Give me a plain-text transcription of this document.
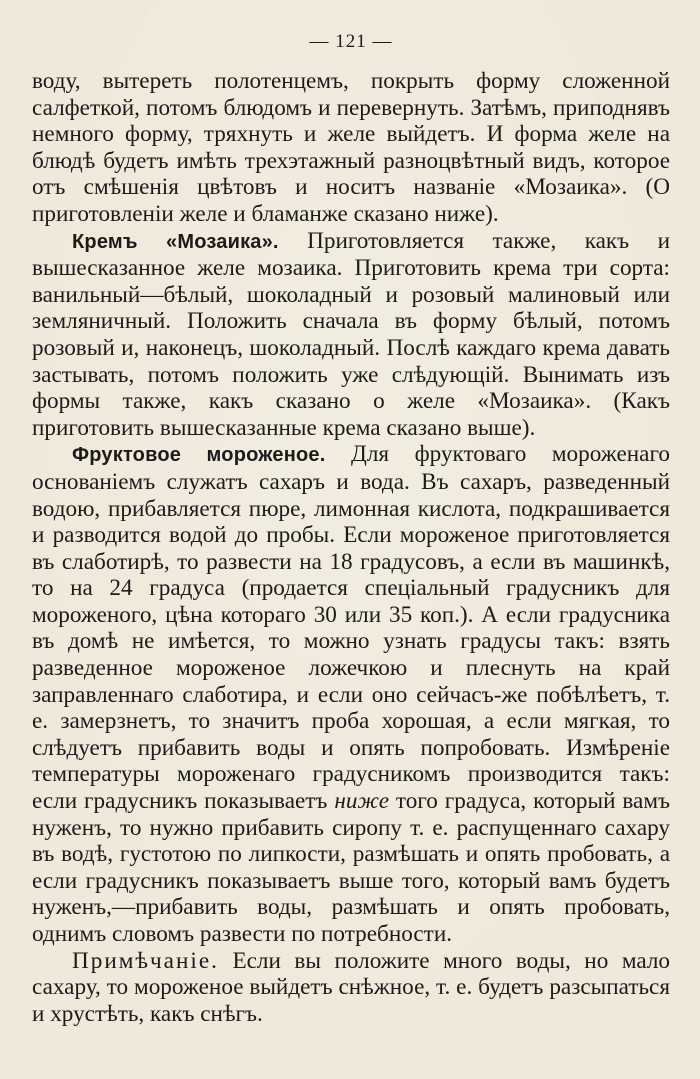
— 121 —

воду, вытереть полотенцемъ, покрыть форму сложенной салфеткой, потомъ блюдомъ и перевернуть. Затѣмъ, приподнявъ немного форму, тряхнуть и желе выйдетъ. И форма желе на блюдѣ будетъ имѣть трехэтажный разноцвѣтный видъ, которое отъ смѣшенія цвѣтовъ и носитъ названіе «Мозаика». (О приготовленіи желе и бламанже сказано ниже).

Кремъ «Мозаика». Приготовляется также, какъ и вышесказанное желе мозаика. Приготовить крема три сорта: ванильный—бѣлый, шоколадный и розовый малиновый или земляничный. Положить сначала въ форму бѣлый, потомъ розовый и, наконецъ, шоколадный. Послѣ каждаго крема давать застывать, потомъ положить уже слѣдующій. Вынимать изъ формы также, какъ сказано о желе «Мозаика». (Какъ приготовить вышесказанные крема сказано выше).

Фруктовое мороженое. Для фруктоваго мороженаго основаніемъ служатъ сахаръ и вода. Въ сахаръ, разведенный водою, прибавляется пюре, лимонная кислота, подкрашивается и разводится водой до пробы. Если мороженое приготовляется въ слаботирѣ, то развести на 18 градусовъ, а если въ машинкѣ, то на 24 градуса (продается спеціальный градусникъ для мороженого, цѣна котораго 30 или 35 коп.). А если градусника въ домѣ не имѣется, то можно узнать градусы такъ: взять разведенное мороженое ложечкою и плеснуть на край заправленнаго слаботира, и если оно сейчасъ-же побѣлѣетъ, т. е. замерзнетъ, то значитъ проба хорошая, а если мягкая, то слѣдуетъ прибавить воды и опять попробовать. Измѣреніе температуры мороженаго градусникомъ производится такъ: если градусникъ показываетъ ниже того градуса, который вамъ нуженъ, то нужно прибавить сиропу т. е. распущеннаго сахару въ водѣ, густотою по липкости, размѣшать и опять пробовать, а если градусникъ показываетъ выше того, который вамъ будетъ нуженъ,—прибавить воды, размѣшать и опять пробовать, однимъ словомъ развести по потребности.

Примѣчаніе. Если вы положите много воды, но мало сахару, то мороженое выйдетъ снѣжное, т. е. будетъ разсыпаться и хрустѣть, какъ снѣгъ.
